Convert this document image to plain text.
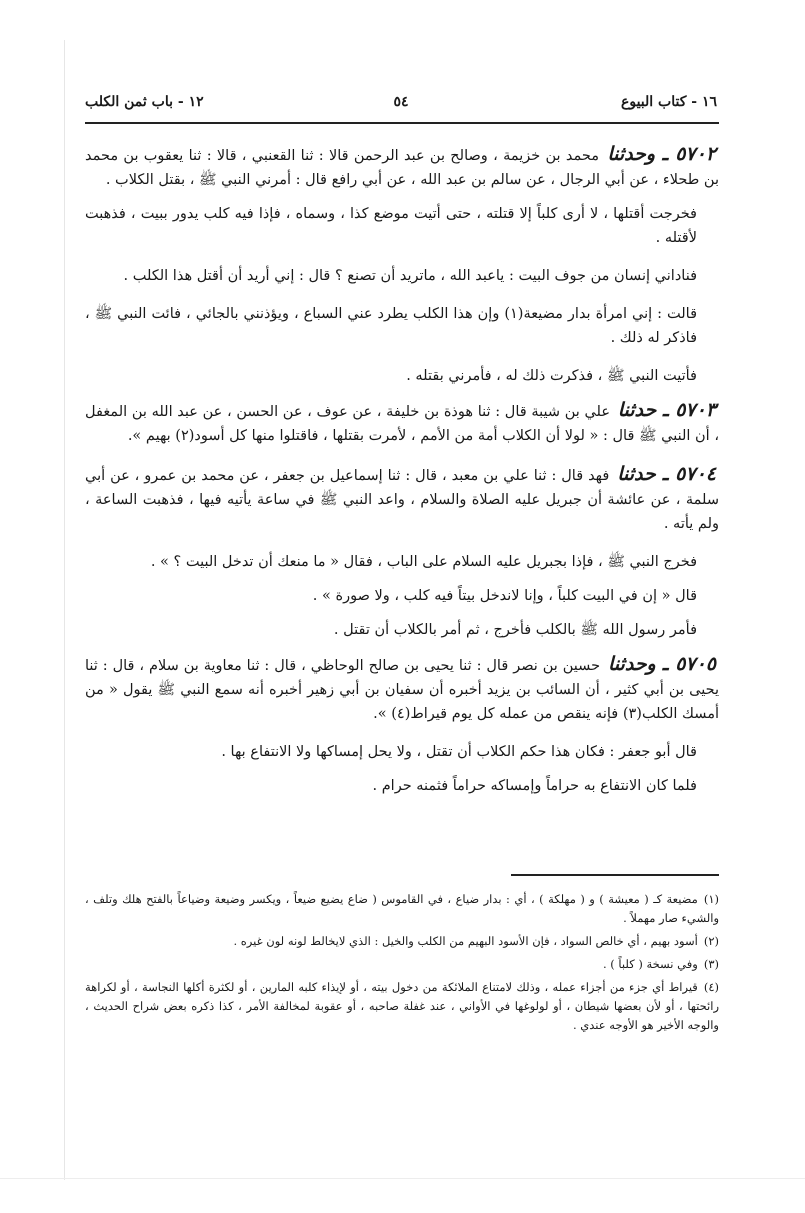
١٦ - كتاب البيوع
٥٤
١٢ - باب ثمن الكلب

٥٧٠٢ ـ وحدثنا محمد بن خزيمة ، وصالح بن عبد الرحمن قالا : ثنا القعنبي ، قالا : ثنا يعقوب بن محمد بن طحلاء ، عن أبي الرجال ، عن سالم بن عبد الله ، عن أبي رافع قال : أمرني النبي ﷺ ، بقتل الكلاب .

فخرجت أقتلها ، لا أرى كلباً إلا قتلته ، حتى أتيت موضع كذا ، وسماه ، فإذا فيه كلب يدور ببيت ، فذهبت لأقتله .

فناداني إنسان من جوف البيت : ياعبد الله ، ماتريد أن تصنع ؟ قال : إني أريد أن أقتل هذا الكلب .

قالت : إني امرأة بدار مضيعة(١) وإن هذا الكلب يطرد عني السباع ، ويؤذنني بالجائي ، فائت النبي ﷺ ، فاذكر له ذلك .

فأتيت النبي ﷺ ، فذكرت ذلك له ، فأمرني بقتله .

٥٧٠٣ ـ حدثنا علي بن شيبة قال : ثنا هوذة بن خليفة ، عن عوف ، عن الحسن ، عن عبد الله بن المغفل ، أن النبي ﷺ قال : « لولا أن الكلاب أمة من الأمم ، لأمرت بقتلها ، فاقتلوا منها كل أسود(٢) بهيم ».

٥٧٠٤ ـ حدثنا فهد قال : ثنا علي بن معبد ، قال : ثنا إسماعيل بن جعفر ، عن محمد بن عمرو ، عن أبي سلمة ، عن عائشة أن جبريل عليه الصلاة والسلام ، واعد النبي ﷺ في ساعة يأتيه فيها ، فذهبت الساعة ، ولم يأته .

فخرج النبي ﷺ ، فإذا بجبريل عليه السلام على الباب ، فقال « ما منعك أن تدخل البيت ؟ » .

قال « إن في البيت كلباً ، وإنا لاندخل بيتاً فيه كلب ، ولا صورة » .

فأمر رسول الله ﷺ بالكلب فأخرج ، ثم أمر بالكلاب أن تقتل .

٥٧٠٥ ـ وحدثنا حسين بن نصر قال : ثنا يحيى بن صالح الوحاظي ، قال : ثنا معاوية بن سلام ، قال : ثنا يحيى بن أبي كثير ، أن السائب بن يزيد أخبره أن سفيان بن أبي زهير أخبره أنه سمع النبي ﷺ يقول « من أمسك الكلب(٣) فإنه ينقص من عمله كل يوم قيراط(٤) ».

قال أبو جعفر : فكان هذا حكم الكلاب أن تقتل ، ولا يحل إمساكها ولا الانتفاع بها .

فلما كان الانتفاع به حراماً وإمساكه حراماً فثمنه حرام .

(١)مضيعة كـ ( معيشة ) و ( مهلكة ) ، أي : بدار ضياع ، في القاموس ( ضاع يضيع ضيعاً ، ويكسر وضيعة وضياعاً بالفتح هلك وتلف ، والشيء صار مهملاً .

(٢)أسود بهيم ، أي خالص السواد ، فإن الأسود البهيم من الكلب والخيل : الذي لايخالط لونه لون غيره .

(٣)وفي نسخة ( كلباً ) .

(٤)قيراط أي جزء من أجزاء عمله ، وذلك لامتناع الملائكة من دخول بيته ، أو لإيذاء كلبه المارين ، أو لكثرة أكلها النجاسة ، أو لكراهة رائحتها ، أو لأن بعضها شيطان ، أو لولوغها في الأواني ، عند غفلة صاحبه ، أو عقوبة لمخالفة الأمر ، كذا ذكره بعض شراح الحديث ، والوجه الأخير هو الأوجه عندي .
